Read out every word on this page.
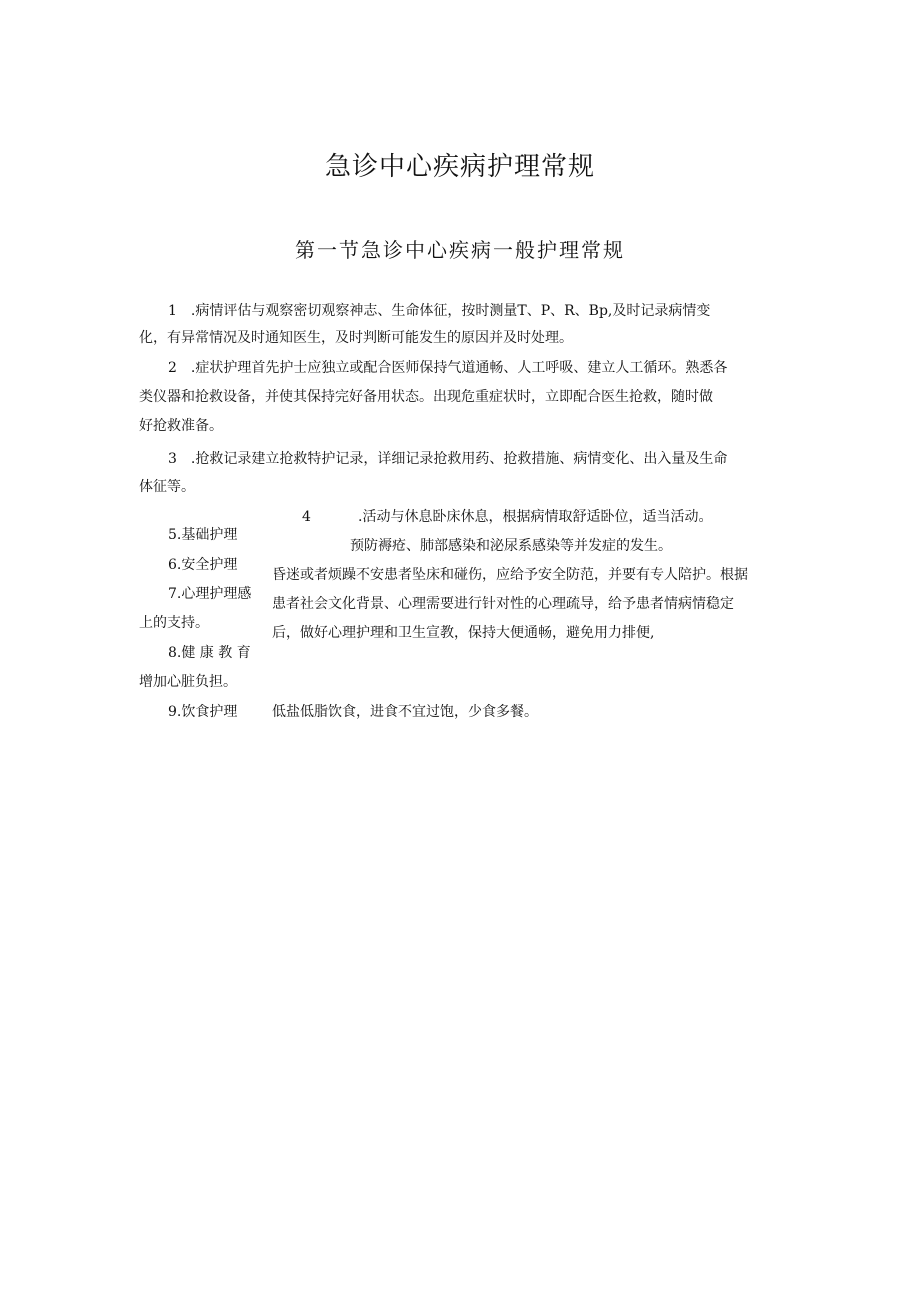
急诊中心疾病护理常规
第一节急诊中心疾病一般护理常规

1　.病情评估与观察密切观察神志、生命体征，按时测量T、P、R、Bp,及时记录病情变

化，有异常情况及时通知医生，及时判断可能发生的原因并及时处理。

2　.症状护理首先护士应独立或配合医师保持气道通畅、人工呼吸、建立人工循环。熟悉各

类仪器和抢救设备，并使其保持完好备用状态。出现危重症状时，立即配合医生抢救，随时做

好抢救准备。

3　.抢救记录建立抢救特护记录，详细记录抢救用药、抢救措施、病情变化、出入量及生命

体征等。

4	.活动与休息卧床休息，根据病情取舒适卧位，适当活动。

5.基础护理

6.安全护理

7.心理护理感

上的支持。

8.健 康 教 育

增加心脏负担。

9.饮食护理

预防褥疮、肺部感染和泌尿系感染等并发症的发生。

昏迷或者烦躁不安患者坠床和碰伤，应给予安全防范，并要有专人陪护。根据

患者社会文化背景、心理需要进行针对性的心理疏导，给予患者情病情稳定

后，做好心理护理和卫生宣教，保持大便通畅，避免用力排便,

低盐低脂饮食，进食不宜过饱，少食多餐。
